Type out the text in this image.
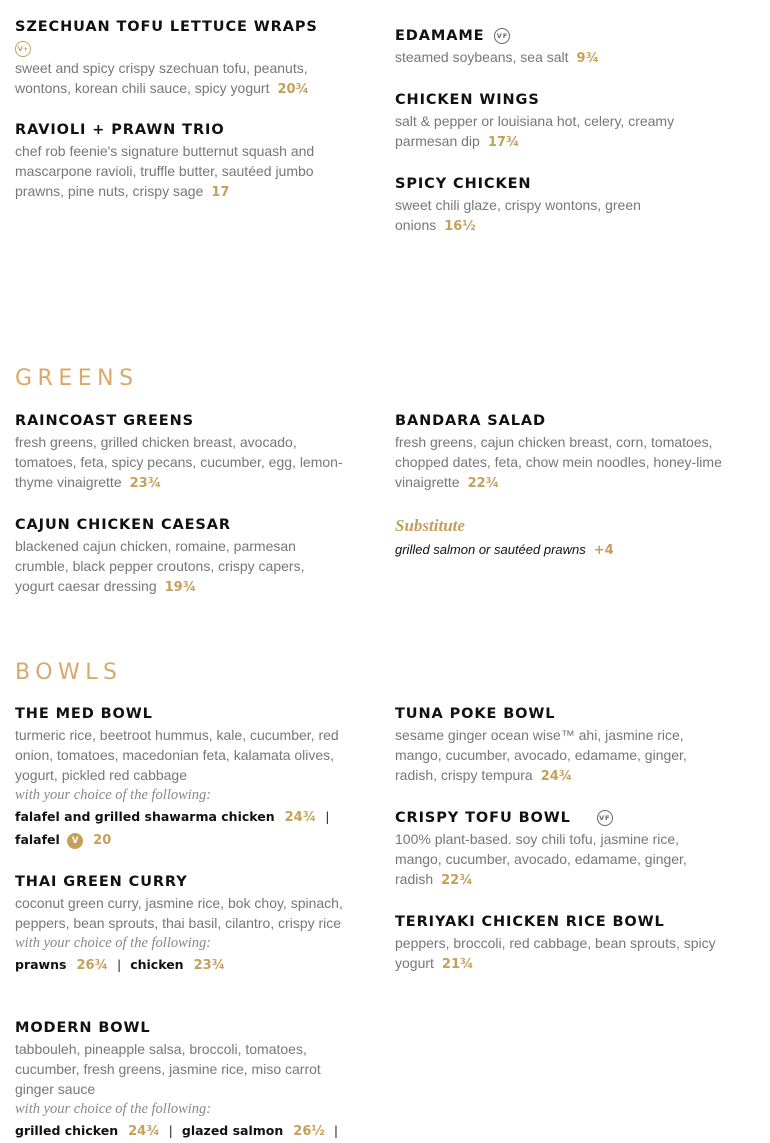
SZECHUAN TOFU LETTUCE WRAPS
V+
sweet and spicy crispy szechuan tofu, peanuts, wontons, korean chili sauce, spicy yogurt 20¾
RAVIOLI + PRAWN TRIO
chef rob feenie's signature butternut squash and mascarpone ravioli, truffle butter, sautéed jumbo prawns, pine nuts, crispy sage 17
EDAMAME VF
steamed soybeans, sea salt 9¾
CHICKEN WINGS
salt & pepper or louisiana hot, celery, creamy parmesan dip 17¾
SPICY CHICKEN
sweet chili glaze, crispy wontons, green onions 16½
GREENS
RAINCOAST GREENS
fresh greens, grilled chicken breast, avocado, tomatoes, feta, spicy pecans, cucumber, egg, lemon-thyme vinaigrette 23¾
CAJUN CHICKEN CAESAR
blackened cajun chicken, romaine, parmesan crumble, black pepper croutons, crispy capers, yogurt caesar dressing 19¾
BANDARA SALAD
fresh greens, cajun chicken breast, corn, tomatoes, chopped dates, feta, chow mein noodles, honey-lime vinaigrette 22¾
Substitute
grilled salmon or sautéed prawns +4
BOWLS
THE MED BOWL
turmeric rice, beetroot hummus, kale, cucumber, red onion, tomatoes, macedonian feta, kalamata olives, yogurt, pickled red cabbage
with your choice of the following:
falafel and grilled shawarma chicken 24¾ |
falafel V 20
THAI GREEN CURRY
coconut green curry, jasmine rice, bok choy, spinach, peppers, bean sprouts, thai basil, cilantro, crispy rice
with your choice of the following:
prawns 26¾ | chicken 23¾
MODERN BOWL
tabbouleh, pineapple salsa, broccoli, tomatoes, cucumber, fresh greens, jasmine rice, miso carrot ginger sauce
with your choice of the following:
grilled chicken 24¾ | glazed salmon 26½ |
TUNA POKE BOWL
sesame ginger ocean wise™ ahi, jasmine rice, mango, cucumber, avocado, edamame, ginger, radish, crispy tempura 24¾
CRISPY TOFU BOWL	VF
100% plant-based. soy chili tofu, jasmine rice, mango, cucumber, avocado, edamame, ginger, radish 22¾
TERIYAKI CHICKEN RICE BOWL
peppers, broccoli, red cabbage, bean sprouts, spicy yogurt 21¾
